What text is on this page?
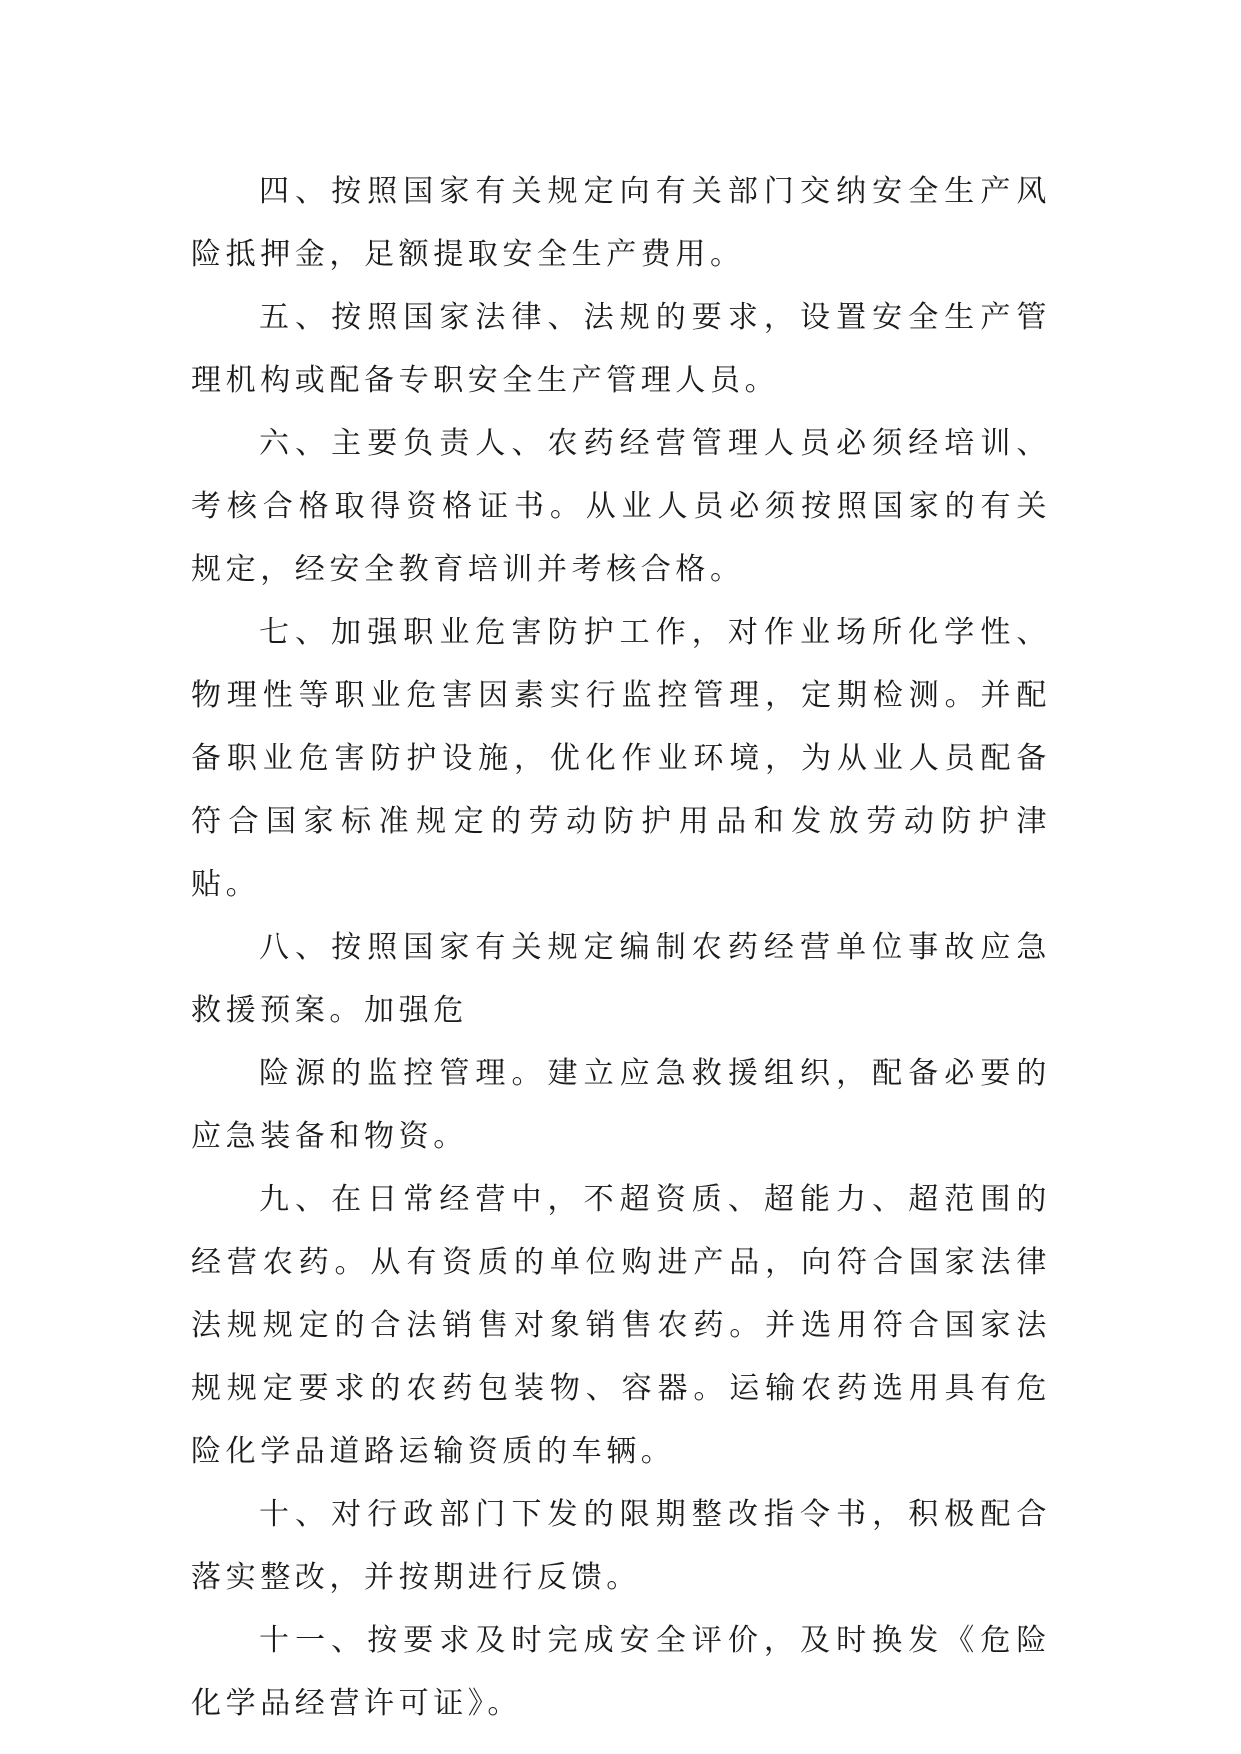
四、按照国家有关规定向有关部门交纳安全生产风险抵押金，足额提取安全生产费用。

五、按照国家法律、法规的要求，设置安全生产管理机构或配备专职安全生产管理人员。

六、主要负责人、农药经营管理人员必须经培训、考核合格取得资格证书。从业人员必须按照国家的有关规定，经安全教育培训并考核合格。

七、加强职业危害防护工作，对作业场所化学性、物理性等职业危害因素实行监控管理，定期检测。并配备职业危害防护设施，优化作业环境，为从业人员配备符合国家标准规定的劳动防护用品和发放劳动防护津贴。

八、按照国家有关规定编制农药经营单位事故应急救援预案。加强危

险源的监控管理。建立应急救援组织，配备必要的应急装备和物资。

九、在日常经营中，不超资质、超能力、超范围的经营农药。从有资质的单位购进产品，向符合国家法律法规规定的合法销售对象销售农药。并选用符合国家法规规定要求的农药包装物、容器。运输农药选用具有危险化学品道路运输资质的车辆。

十、对行政部门下发的限期整改指令书，积极配合落实整改，并按期进行反馈。

十一、按要求及时完成安全评价，及时换发《危险化学品经营许可证》。
